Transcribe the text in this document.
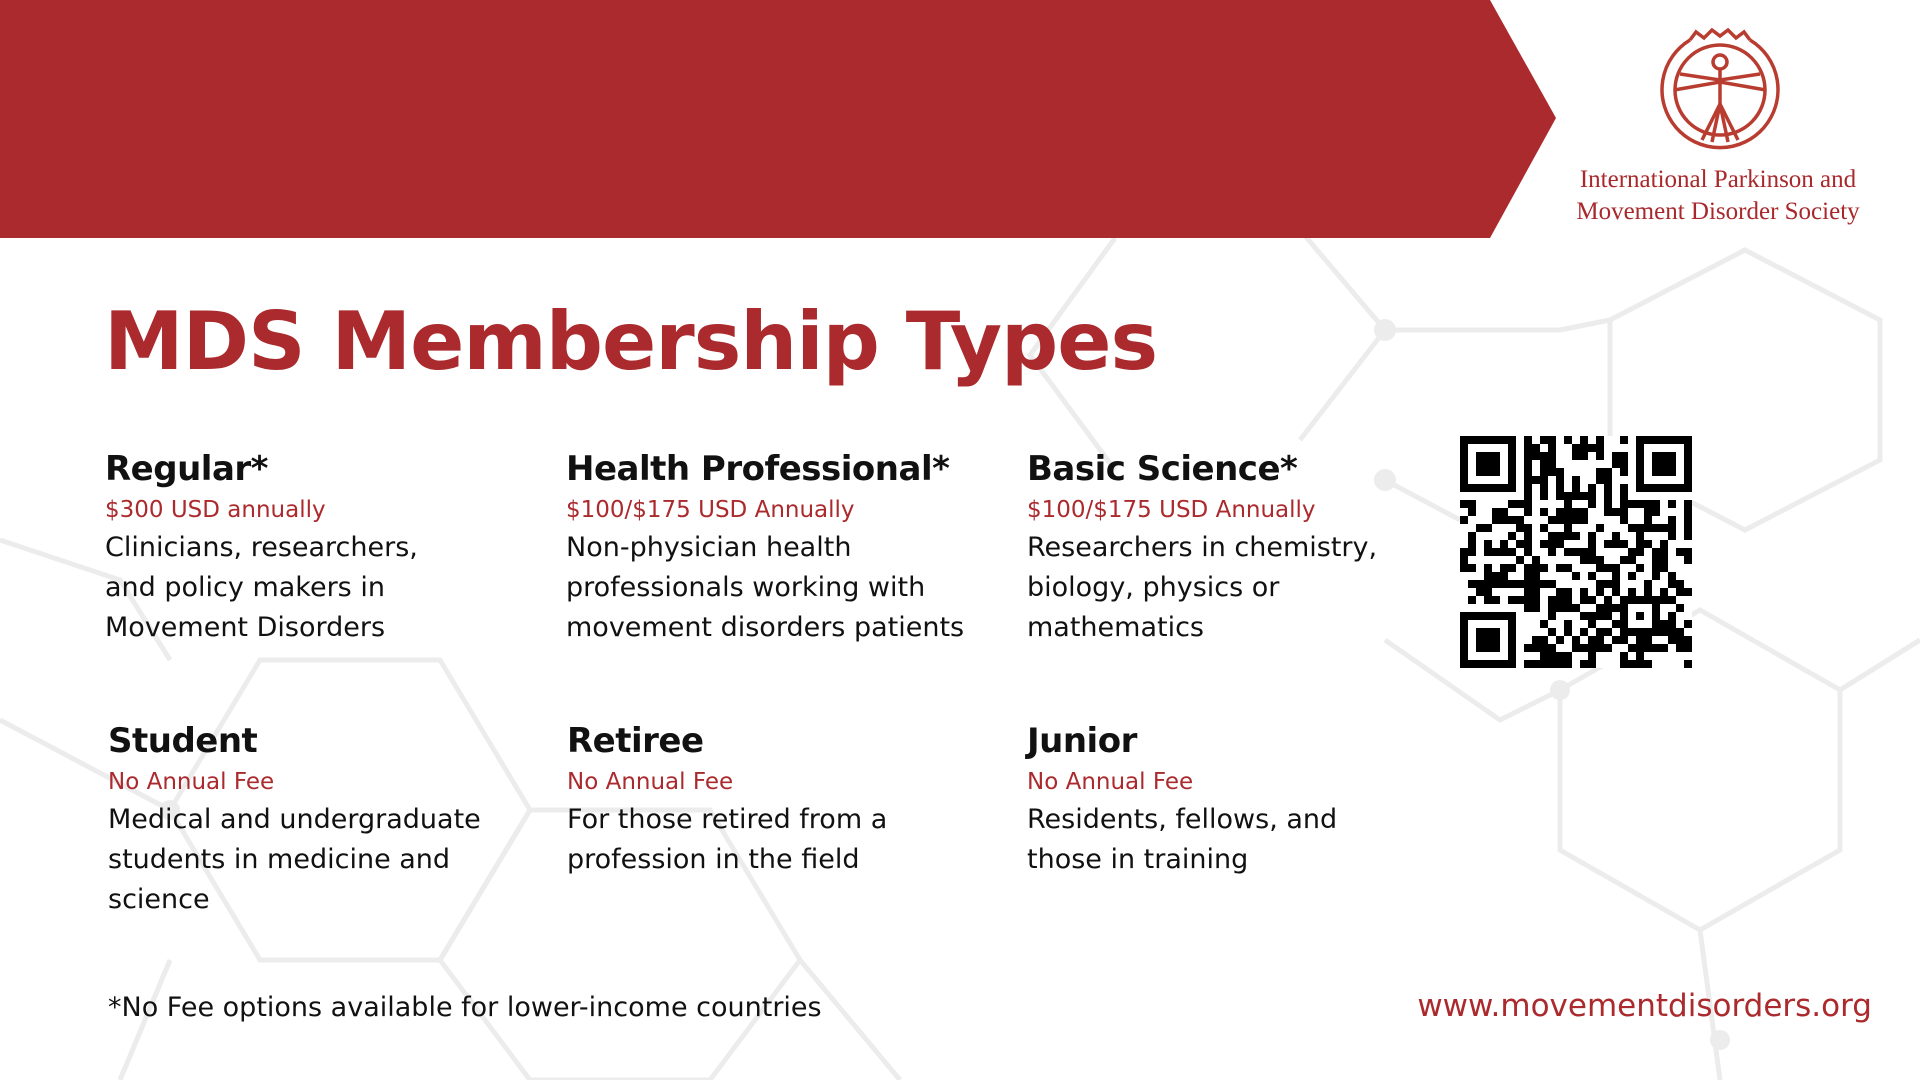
International Parkinson and
Movement Disorder Society
MDS Membership Types
Regular*
$300 USD annually
Clinicians, researchers, and policy makers in Movement Disorders
Health Professional*
$100/$175 USD Annually
Non-physician health professionals working with movement disorders patients
Basic Science*
$100/$175 USD Annually
Researchers in chemistry, biology, physics or mathematics
Student
No Annual Fee
Medical and undergraduate students in medicine and science
Retiree
No Annual Fee
For those retired from a profession in the field
Junior
No Annual Fee
Residents, fellows, and those in training
*No Fee options available for lower-income countries	www.movementdisorders.org
